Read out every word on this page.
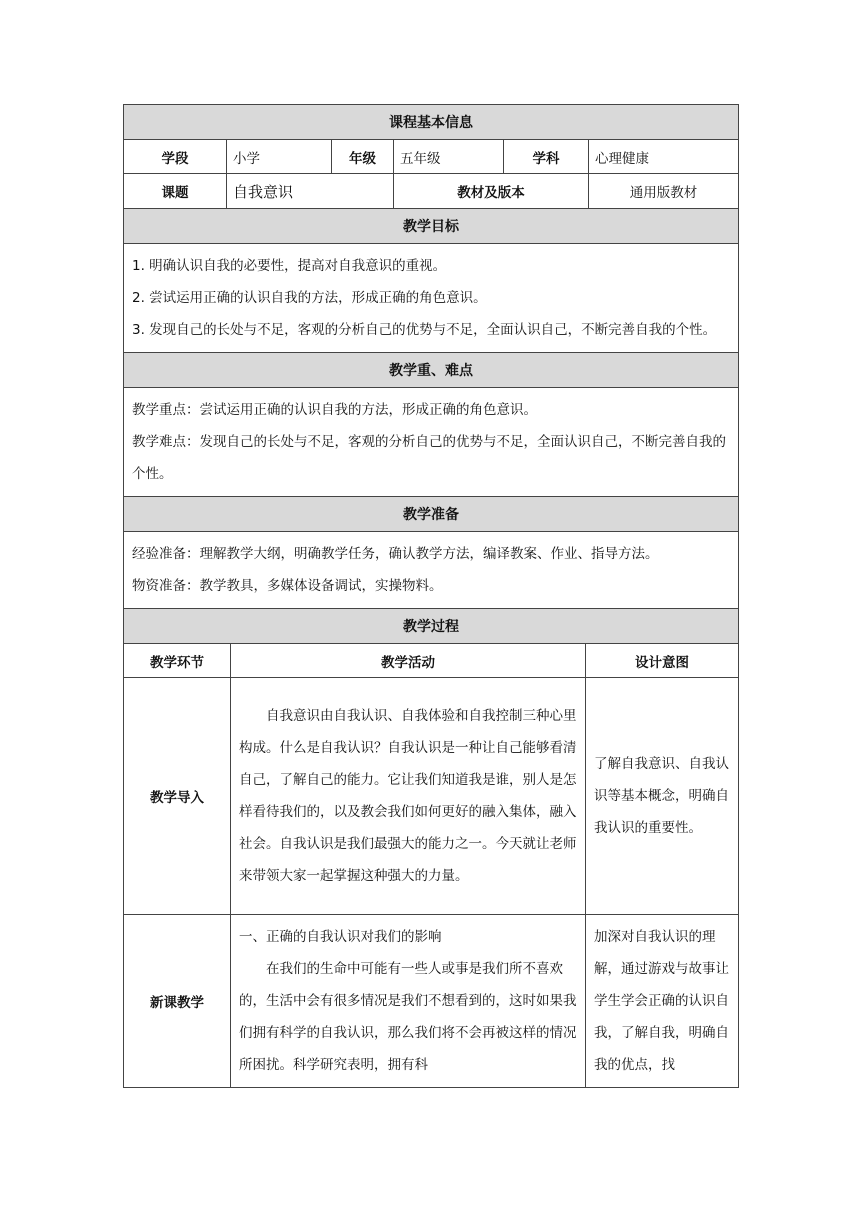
课程基本信息					
学段	小学	年级	五年级	学科	心理健康
课题	自我意识		教材及版本		通用版教材
教学目标					

1. 明确认识自我的必要性，提高对自我意识的重视。

2. 尝试运用正确的认识自我的方法，形成正确的角色意识。

3. 发现自己的长处与不足，客观的分析自己的优势与不足，全面认识自己，不断完善自我的个性。					

教学重、难点					

教学重点：尝试运用正确的认识自我的方法，形成正确的角色意识。

教学难点：发现自己的长处与不足，客观的分析自己的优势与不足，全面认识自己，不断完善自我的个性。					

教学准备					

经验准备：理解教学大纲，明确教学任务，确认教学方法，编译教案、作业、指导方法。

物资准备：教学教具，多媒体设备调试，实操物料。					

教学过程					
教学环节	教学活动	设计意图
教学导入	自我意识由自我认识、自我体验和自我控制三种心里构成。什么是自我认识？自我认识是一种让自己能够看清自己，了解自己的能力。它让我们知道我是谁，别人是怎样看待我们的，以及教会我们如何更好的融入集体，融入社会。自我认识是我们最强大的能力之一。今天就让老师来带领大家一起掌握这种强大的力量。	了解自我意识、自我认识等基本概念，明确自我认识的重要性。
新课教学	一、正确的自我认识对我们的影响

在我们的生命中可能有一些人或事是我们所不喜欢的，生活中会有很多情况是我们不想看到的，这时如果我们拥有科学的自我认识，那么我们将不会再被这样的情况所困扰。科学研究表明，拥有科	加深对自我认识的理解，通过游戏与故事让学生学会正确的认识自我，了解自我，明确自我的优点，找
